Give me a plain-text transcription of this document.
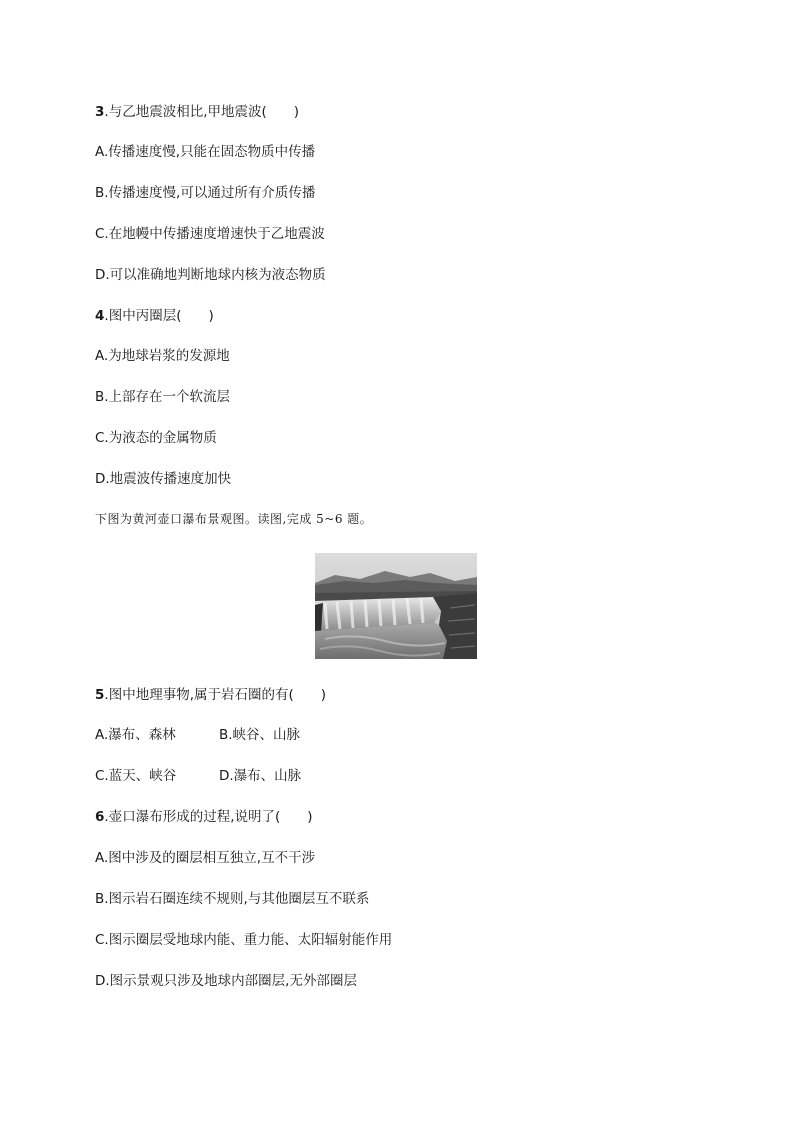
3.与乙地震波相比,甲地震波(　　)
A.传播速度慢,只能在固态物质中传播
B.传播速度慢,可以通过所有介质传播
C.在地幔中传播速度增速快于乙地震波
D.可以准确地判断地球内核为液态物质
4.图中丙圈层(　　)
A.为地球岩浆的发源地
B.上部存在一个软流层
C.为液态的金属物质
D.地震波传播速度加快
下图为黄河壶口瀑布景观图。读图,完成 5~6 题。
5.图中地理事物,属于岩石圈的有(　　)
A.瀑布、森林	B.峡谷、山脉
C.蓝天、峡谷	D.瀑布、山脉
6.壶口瀑布形成的过程,说明了(　　)
A.图中涉及的圈层相互独立,互不干涉
B.图示岩石圈连续不规则,与其他圈层互不联系
C.图示圈层受地球内能、重力能、太阳辐射能作用
D.图示景观只涉及地球内部圈层,无外部圈层
